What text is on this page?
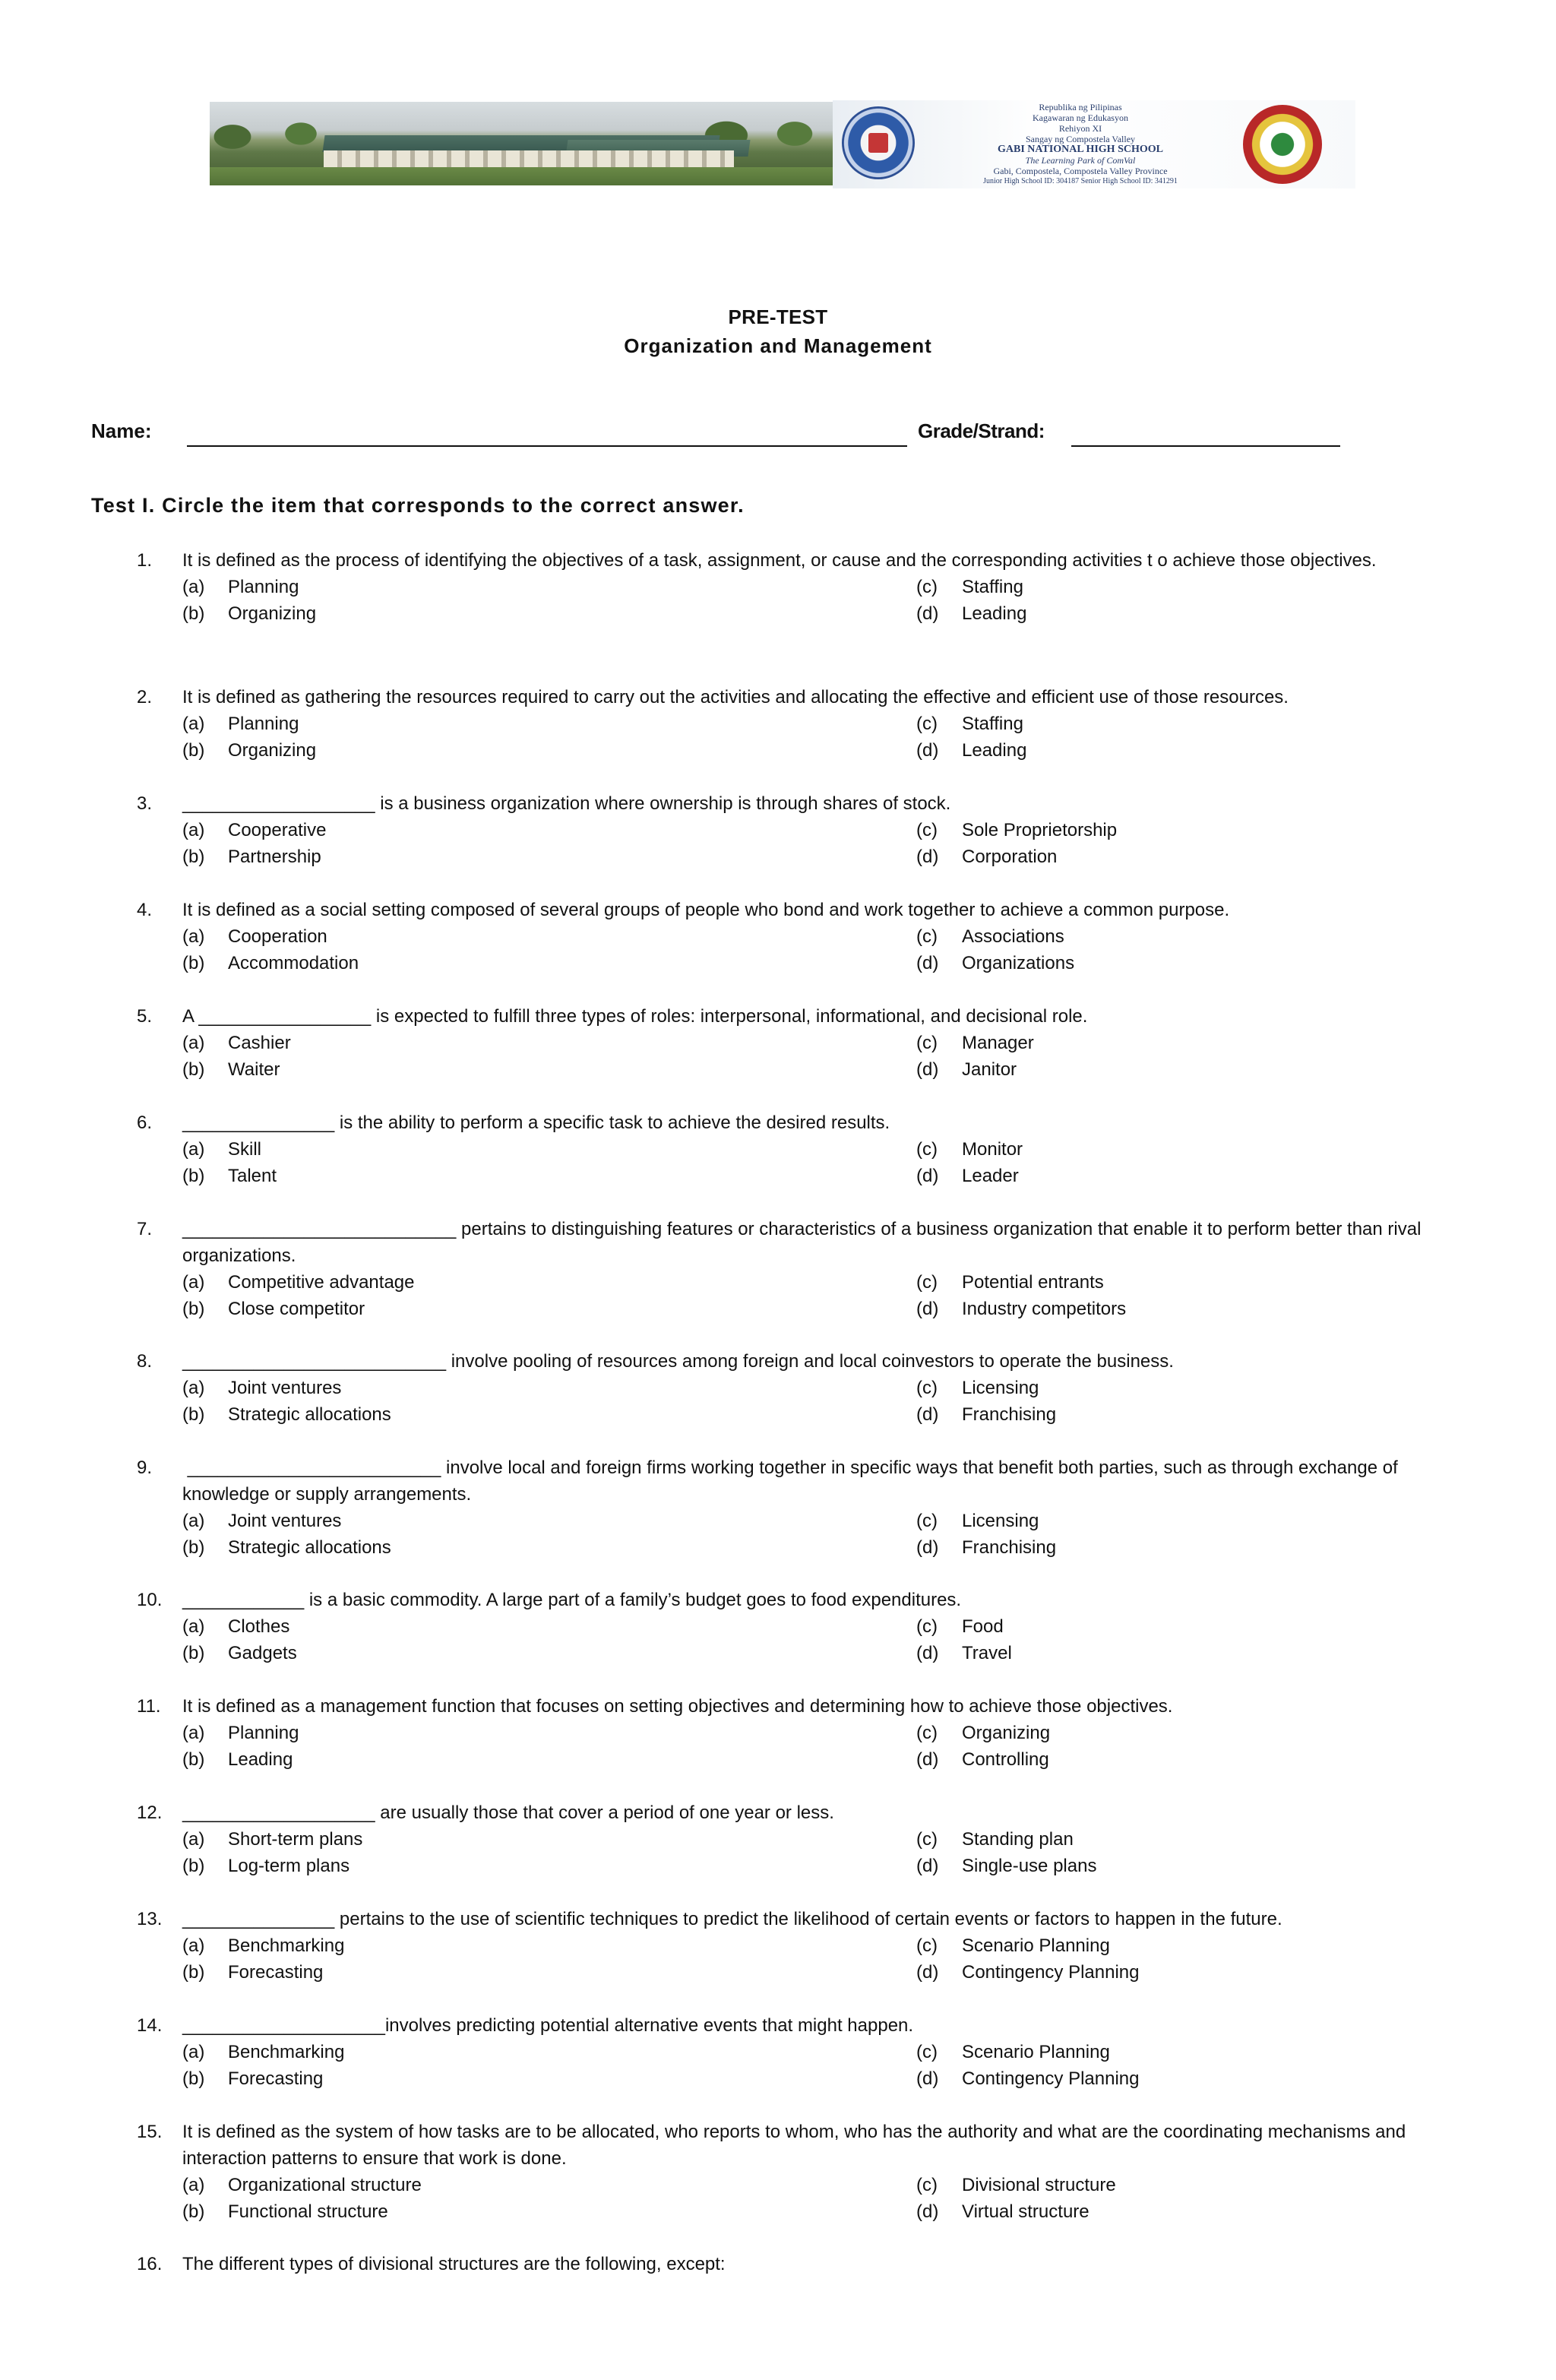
Republika ng Pilipinas
Kagawaran ng Edukasyon
Rehiyon XI
Sangay ng Compostela Valley
GABI NATIONAL HIGH SCHOOL
The Learning Park of ComVal
Gabi, Compostela, Compostela Valley Province
Junior High School ID: 304187 Senior High School ID: 341291
PRE-TEST
Organization and Management
Name:	Grade/Strand:
Test I. Circle the item that corresponds to the correct answer.
1.	It is defined as the process of identifying the objectives of a task, assignment, or cause and the corresponding activities t o achieve those objectives.
(a) Planning	(c) Staffing
(b) Organizing	(d) Leading
2.	It is defined as gathering the resources required to carry out the activities and allocating the effective and efficient use of those resources.
(a) Planning	(c) Staffing
(b) Organizing	(d) Leading
3.	___________________ is a business organization where ownership is through shares of stock.
(a) Cooperative	(c) Sole Proprietorship
(b) Partnership	(d) Corporation
4.	It is defined as a social setting composed of several groups of people who bond and work together to achieve a common purpose.
(a) Cooperation	(c) Associations
(b) Accommodation	(d) Organizations
5.	A _________________ is expected to fulfill three types of roles: interpersonal, informational, and decisional role.
(a) Cashier	(c) Manager
(b) Waiter	(d) Janitor
6.	_______________ is the ability to perform a specific task to achieve the desired results.
(a) Skill	(c) Monitor
(b) Talent	(d) Leader
7.	___________________________ pertains to distinguishing features or characteristics of a business organization that enable it to perform better than rival organizations.
(a) Competitive advantage	(c) Potential entrants
(b) Close competitor	(d) Industry competitors
8.	__________________________ involve pooling of resources among foreign and local coinvestors to operate the business.
(a) Joint ventures	(c) Licensing
(b) Strategic allocations	(d) Franchising
9.	_________________________ involve local and foreign firms working together in specific ways that benefit both parties, such as through exchange of knowledge or supply arrangements.
(a) Joint ventures	(c) Licensing
(b) Strategic allocations	(d) Franchising
10.	____________ is a basic commodity. A large part of a family’s budget goes to food expenditures.
(a) Clothes	(c) Food
(b) Gadgets	(d) Travel
11.	It is defined as a management function that focuses on setting objectives and determining how to achieve those objectives.
(a) Planning	(c) Organizing
(b) Leading	(d) Controlling
12.	___________________ are usually those that cover a period of one year or less.
(a) Short-term plans	(c) Standing plan
(b) Log-term plans	(d) Single-use plans
13.	_______________ pertains to the use of scientific techniques to predict the likelihood of certain events or factors to happen in the future.
(a) Benchmarking	(c) Scenario Planning
(b) Forecasting	(d) Contingency Planning
14.	____________________involves predicting potential alternative events that might happen.
(a) Benchmarking	(c) Scenario Planning
(b) Forecasting	(d) Contingency Planning
15.	It is defined as the system of how tasks are to be allocated, who reports to whom, who has the authority and what are the coordinating mechanisms and interaction patterns to ensure that work is done.
(a) Organizational structure	(c) Divisional structure
(b) Functional structure	(d) Virtual structure
16.	The different types of divisional structures are the following, except:
